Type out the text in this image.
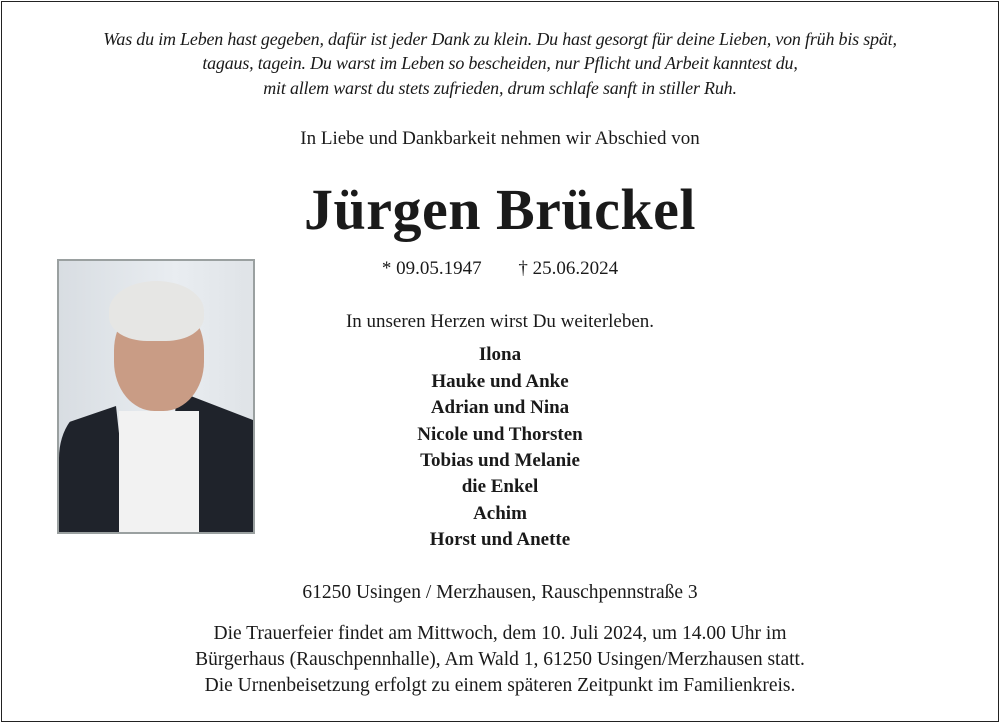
Was du im Leben hast gegeben, dafür ist jeder Dank zu klein. Du hast gesorgt für deine Lieben, von früh bis spät,
tagaus, tagein. Du warst im Leben so bescheiden, nur Pflicht und Arbeit kanntest du,
mit allem warst du stets zufrieden, drum schlafe sanft in stiller Ruh.
In Liebe und Dankbarkeit nehmen wir Abschied von
Jürgen Brückel
* 09.05.1947 † 25.06.2024
In unseren Herzen wirst Du weiterleben.
Ilona
Hauke und Anke
Adrian und Nina
Nicole und Thorsten
Tobias und Melanie
die Enkel
Achim
Horst und Anette
61250 Usingen / Merzhausen, Rauschpennstraße 3
Die Trauerfeier findet am Mittwoch, dem 10. Juli 2024, um 14.00 Uhr im
Bürgerhaus (Rauschpennhalle), Am Wald 1, 61250 Usingen/Merzhausen statt.
Die Urnenbeisetzung erfolgt zu einem späteren Zeitpunkt im Familienkreis.
